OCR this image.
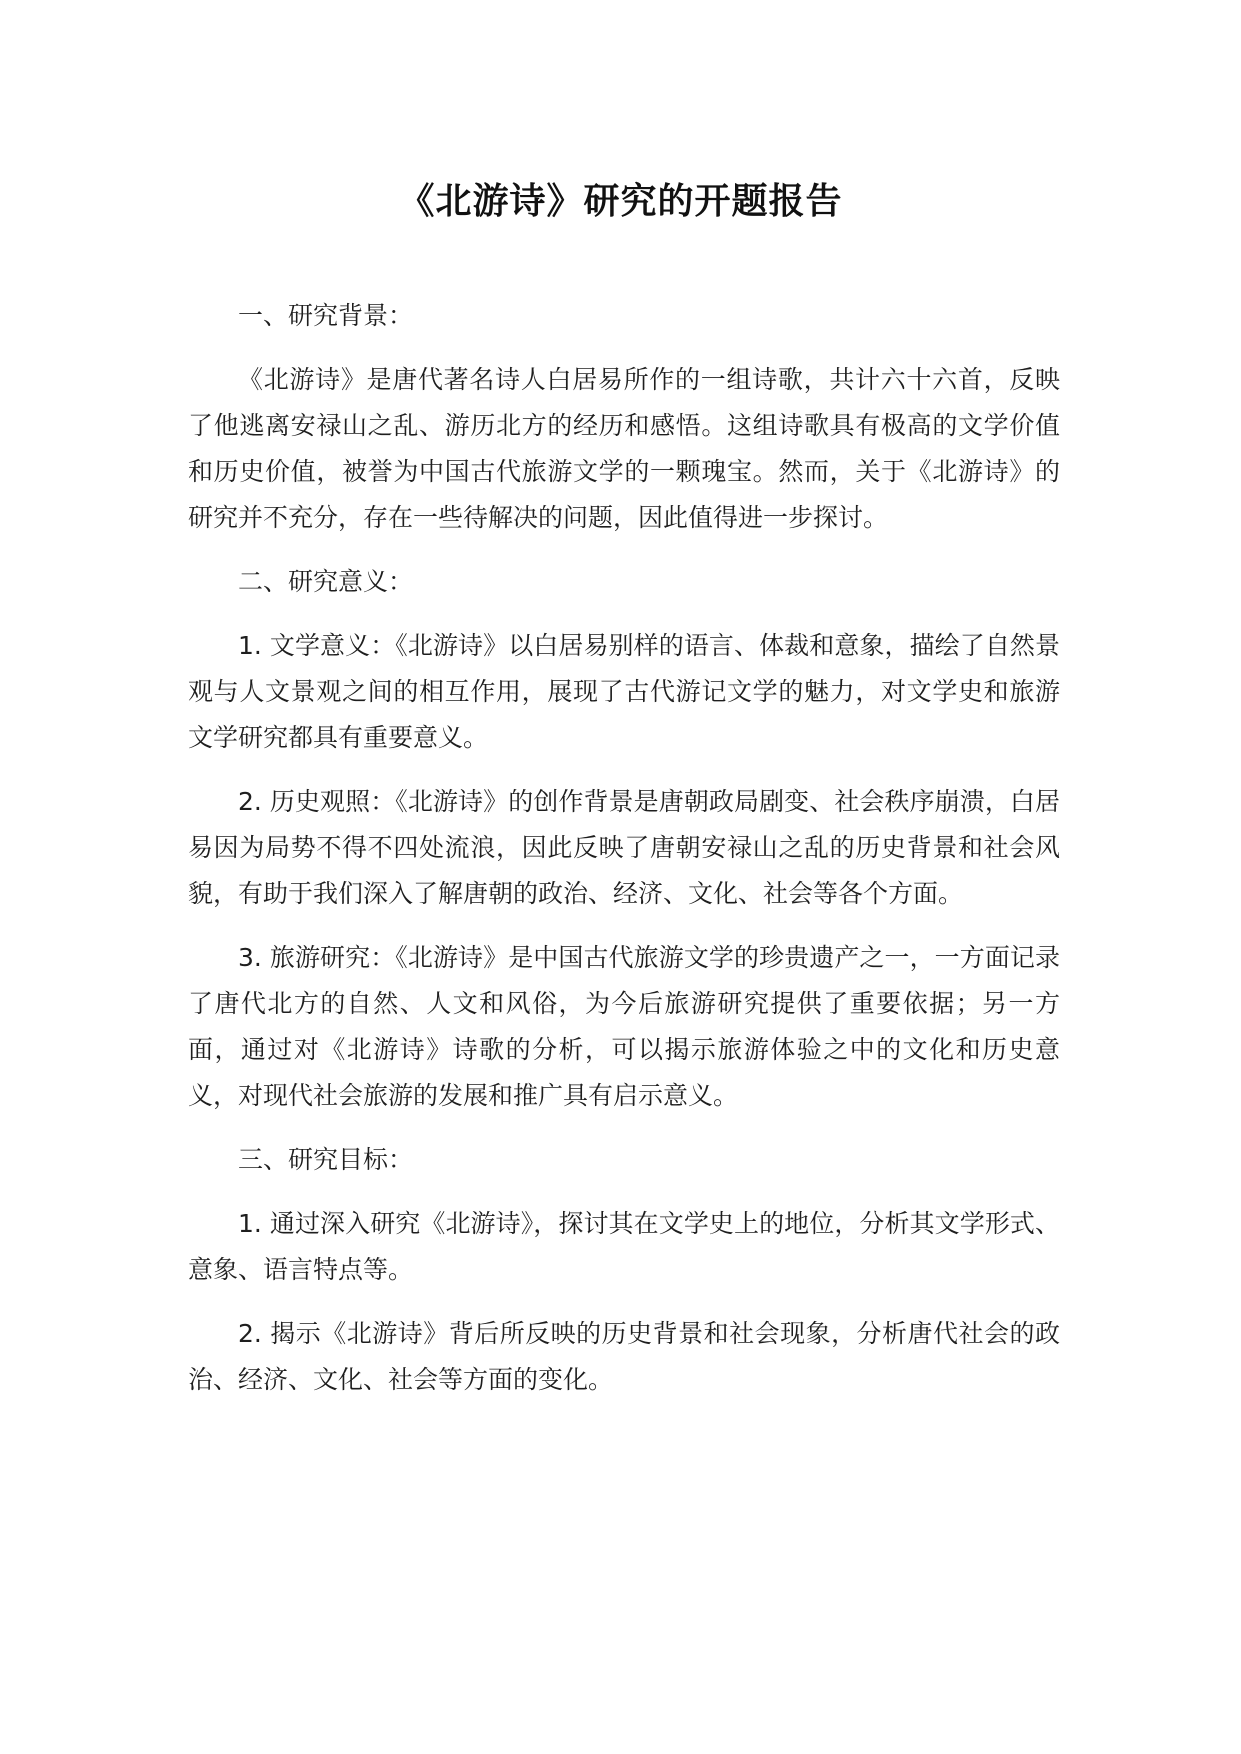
《北游诗》研究的开题报告

一、研究背景：

《北游诗》是唐代著名诗人白居易所作的一组诗歌，共计六十六首，反映了他逃离安禄山之乱、游历北方的经历和感悟。这组诗歌具有极高的文学价值和历史价值，被誉为中国古代旅游文学的一颗瑰宝。然而，关于《北游诗》的研究并不充分，存在一些待解决的问题，因此值得进一步探讨。

二、研究意义：

1. 文学意义：《北游诗》以白居易别样的语言、体裁和意象，描绘了自然景观与人文景观之间的相互作用，展现了古代游记文学的魅力，对文学史和旅游文学研究都具有重要意义。

2. 历史观照：《北游诗》的创作背景是唐朝政局剧变、社会秩序崩溃，白居易因为局势不得不四处流浪，因此反映了唐朝安禄山之乱的历史背景和社会风貌，有助于我们深入了解唐朝的政治、经济、文化、社会等各个方面。

3. 旅游研究：《北游诗》是中国古代旅游文学的珍贵遗产之一，一方面记录了唐代北方的自然、人文和风俗，为今后旅游研究提供了重要依据；另一方面，通过对《北游诗》诗歌的分析，可以揭示旅游体验之中的文化和历史意义，对现代社会旅游的发展和推广具有启示意义。

三、研究目标：

1. 通过深入研究《北游诗》，探讨其在文学史上的地位，分析其文学形式、意象、语言特点等。

2. 揭示《北游诗》背后所反映的历史背景和社会现象，分析唐代社会的政治、经济、文化、社会等方面的变化。
